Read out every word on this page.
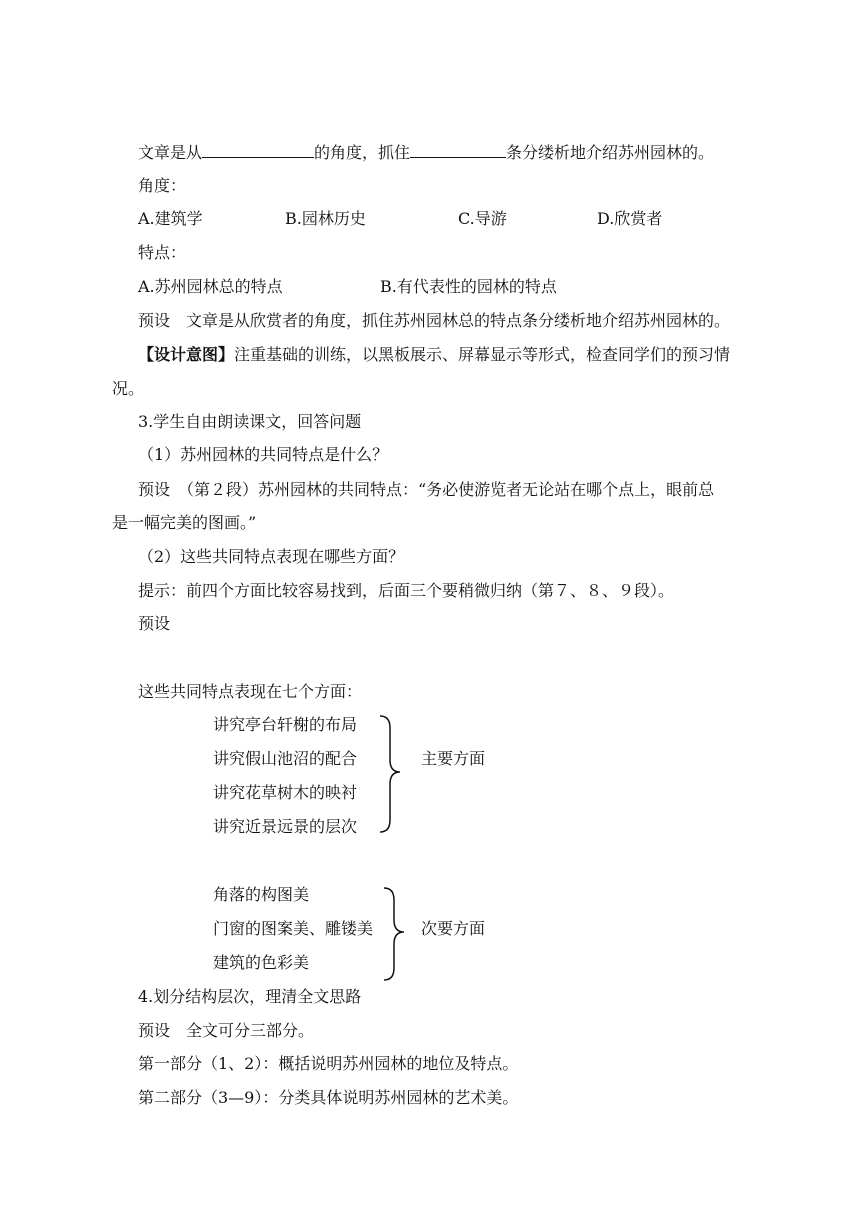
文章是从	的角度，抓住	条分缕析地介绍苏州园林的。
角度：
A.建筑学	B.园林历史	C.导游	D.欣赏者
特点：
A.苏州园林总的特点	B.有代表性的园林的特点
预设　文章是从欣赏者的角度，抓住苏州园林总的特点条分缕析地介绍苏州园林的。
【设计意图】注重基础的训练，以黑板展示、屏幕显示等形式，检查同学们的预习情
况。
3.学生自由朗读课文，回答问题
（1）苏州园林的共同特点是什么？
预设　（第２段）苏州园林的共同特点：“务必使游览者无论站在哪个点上，眼前总
是一幅完美的图画。”
（2）这些共同特点表现在哪些方面？
提示：前四个方面比较容易找到，后面三个要稍微归纳（第７、８、９段）。
预设
这些共同特点表现在七个方面：
讲究亭台轩榭的布局
讲究假山池沼的配合
讲究花草树木的映衬
讲究近景远景的层次
主要方面
角落的构图美
门窗的图案美、雕镂美
建筑的色彩美
次要方面
4.划分结构层次，理清全文思路
预设　全文可分三部分。
第一部分（1、2）：概括说明苏州园林的地位及特点。
第二部分（3—9）：分类具体说明苏州园林的艺术美。
